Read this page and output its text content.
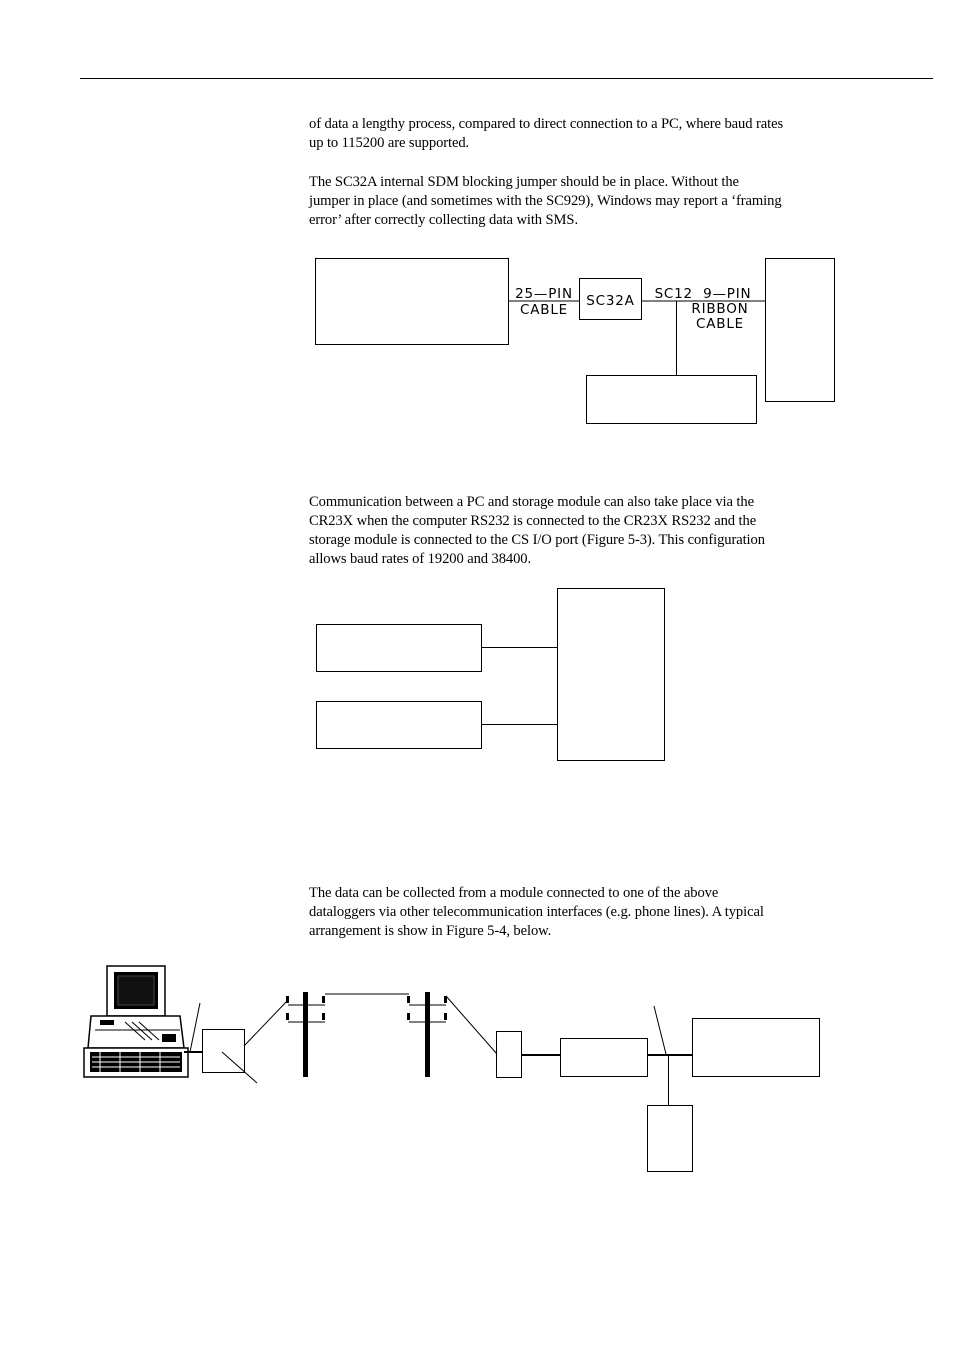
of data a lengthy process, compared to direct connection to a PC, where baud rates
up to 115200 are supported.

The SC32A internal SDM blocking jumper should be in place. Without the
jumper in place (and sometimes with the SC929), Windows may report a ‘framing
error’ after correctly collecting data with SMS.

25—PIN
CABLE
SC32A SC12  9—PIN
RIBBON
CABLE

Communication between a PC and storage module can also take place via the
CR23X when the computer RS232 is connected to the CR23X RS232 and the
storage module is connected to the CS I/O port (Figure 5-3). This configuration
allows baud rates of 19200 and 38400.

The data can be collected from a module connected to one of the above
dataloggers via other telecommunication interfaces (e.g. phone lines). A typical
arrangement is show in Figure 5-4, below.
